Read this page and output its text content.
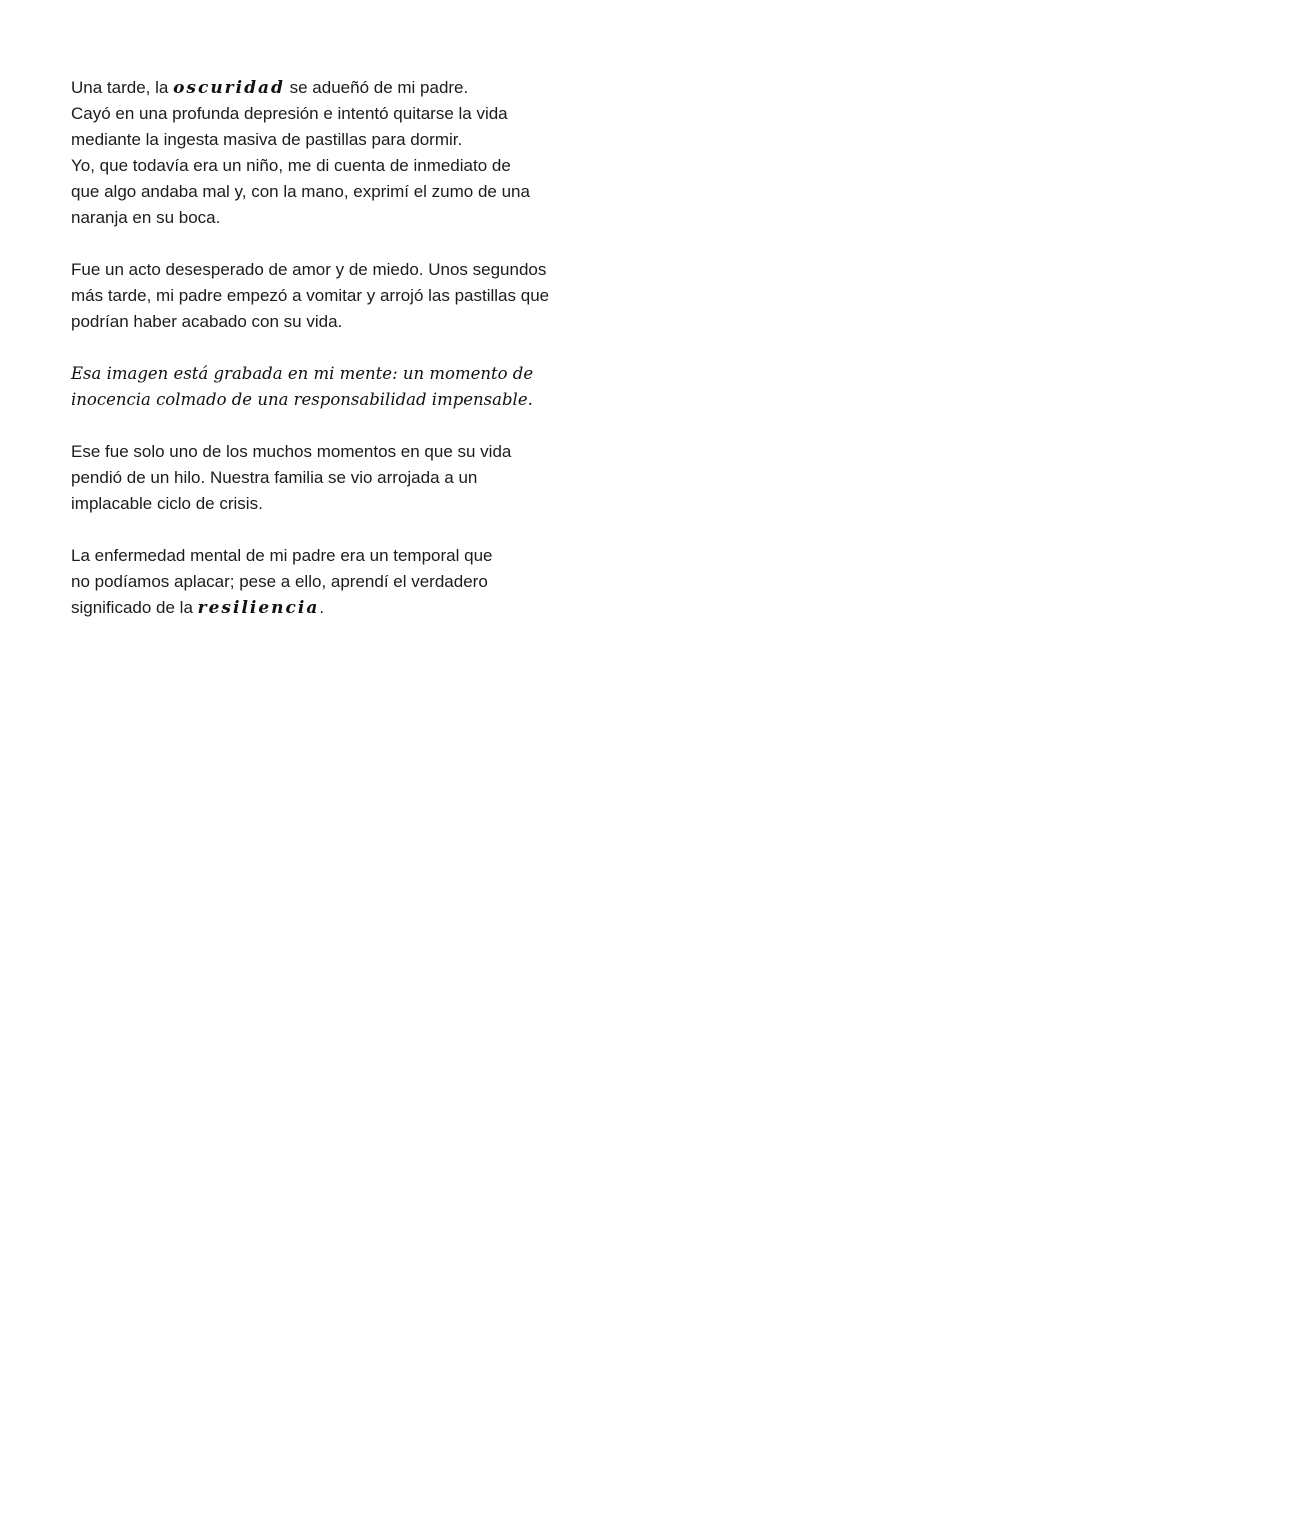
Una tarde, la oscuridad se adueñó de mi padre.
Cayó en una profunda depresión e intentó quitarse la vida
mediante la ingesta masiva de pastillas para dormir.
Yo, que todavía era un niño, me di cuenta de inmediato de
que algo andaba mal y, con la mano, exprimí el zumo de una
naranja en su boca.

Fue un acto desesperado de amor y de miedo. Unos segundos
más tarde, mi padre empezó a vomitar y arrojó las pastillas que
podrían haber acabado con su vida.

Esa imagen está grabada en mi mente: un momento de
inocencia colmado de una responsabilidad impensable.

Ese fue solo uno de los muchos momentos en que su vida
pendió de un hilo. Nuestra familia se vio arrojada a un
implacable ciclo de crisis.

La enfermedad mental de mi padre era un temporal que
no podíamos aplacar; pese a ello, aprendí el verdadero
significado de la resiliencia.
